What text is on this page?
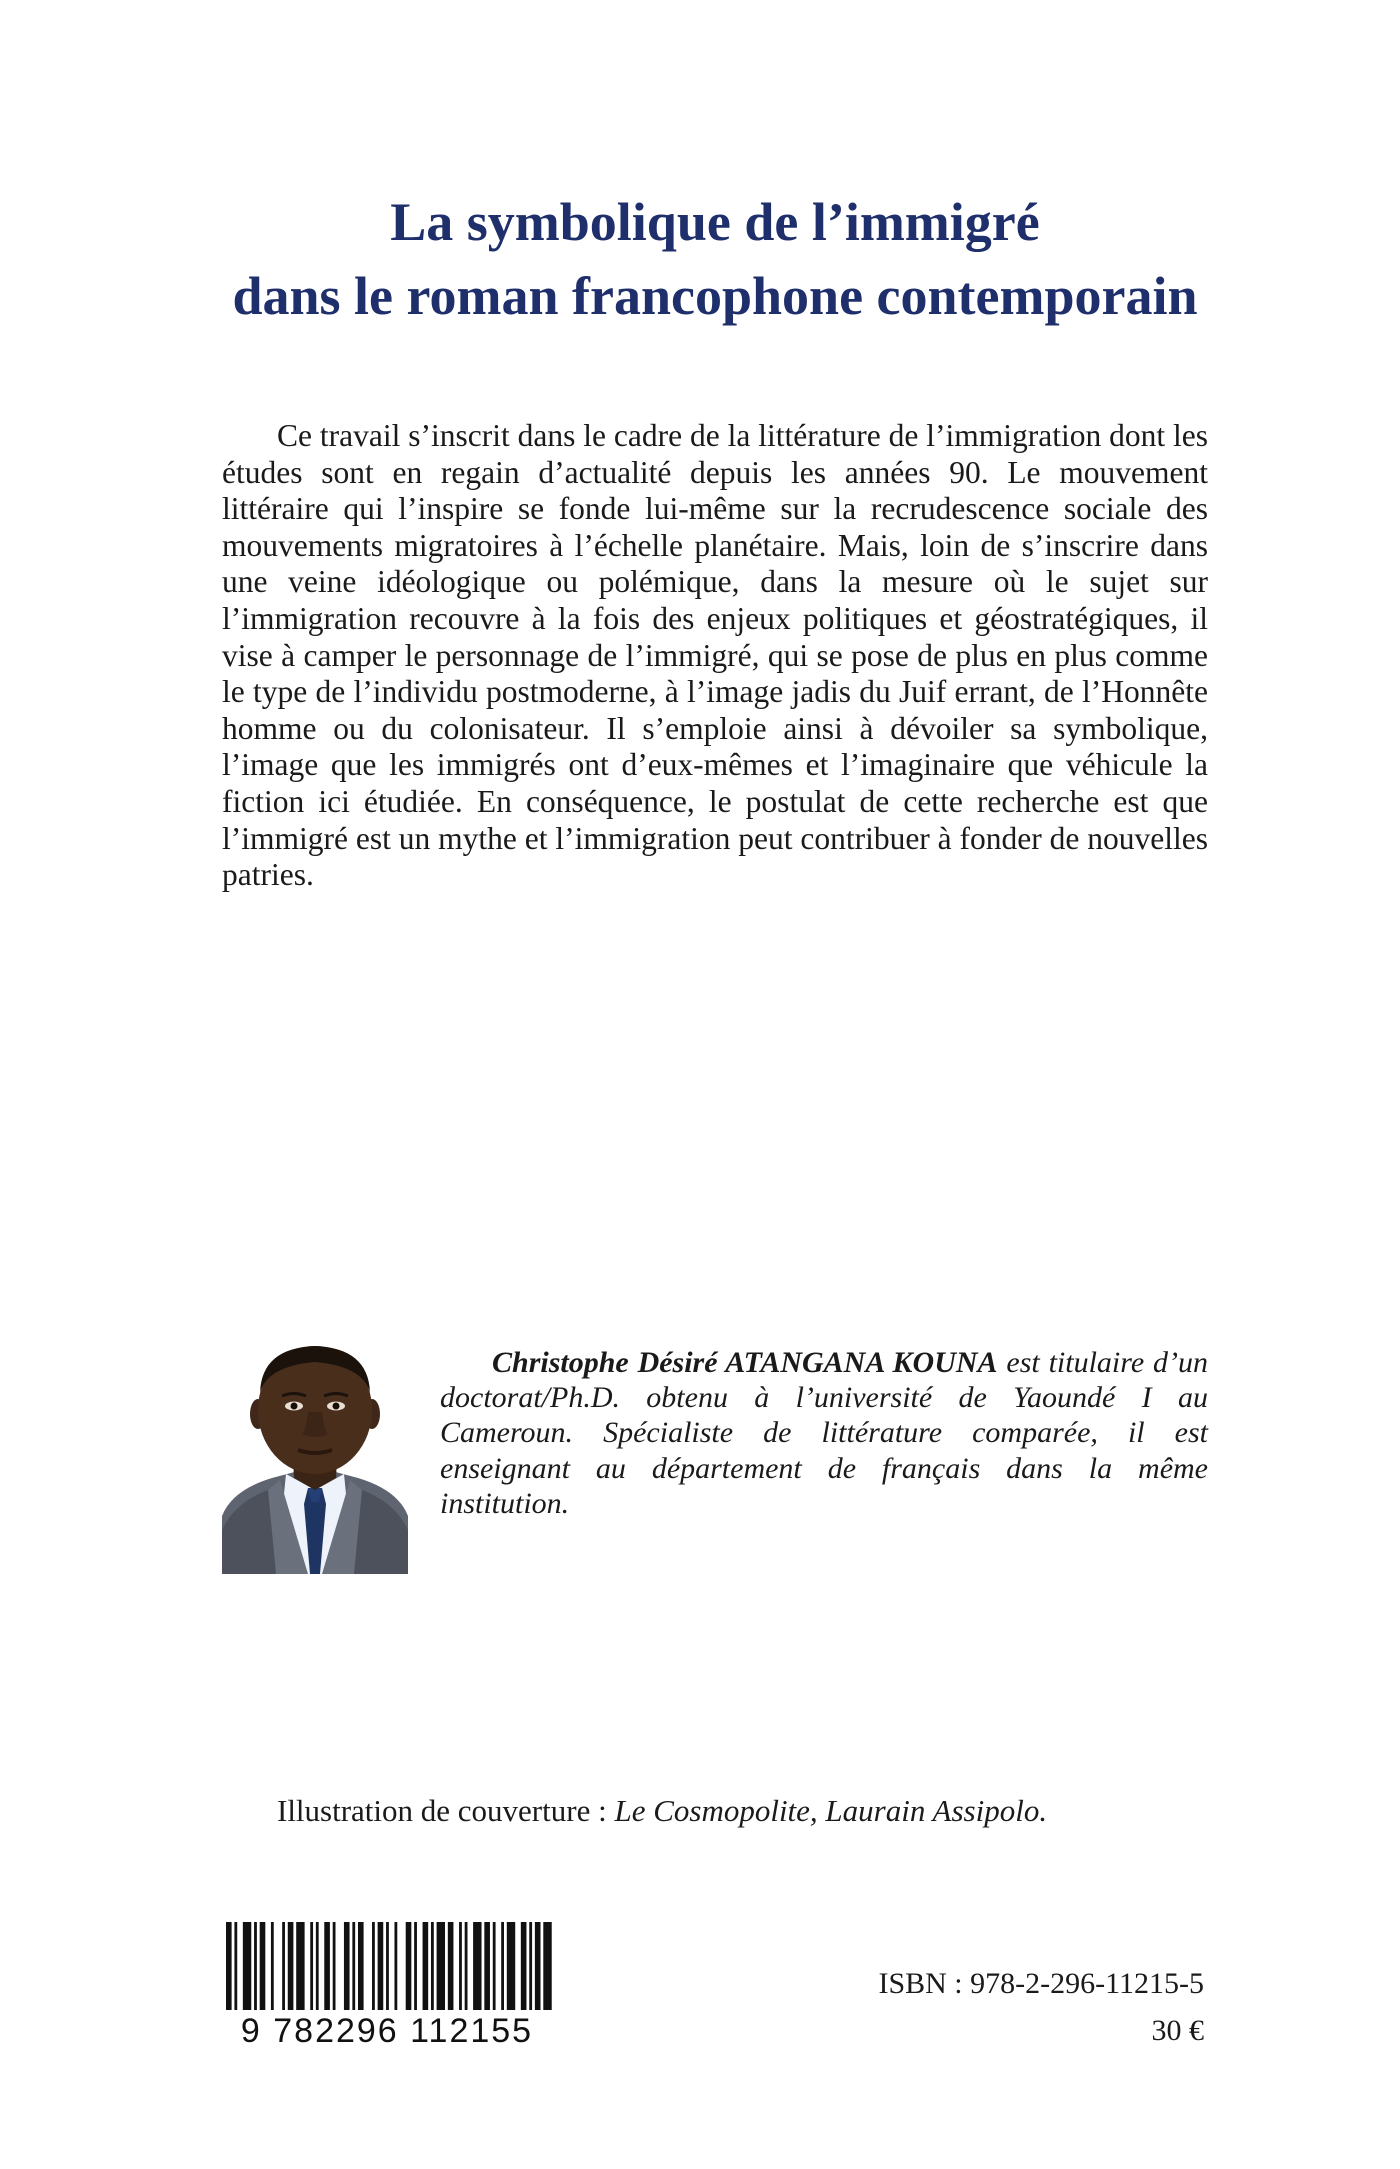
La symbolique de l’immigré
dans le roman francophone contemporain

Ce travail s’inscrit dans le cadre de la littérature de l’immigration dont les études sont en regain d’actualité depuis les années 90. Le mouvement littéraire qui l’inspire se fonde lui-même sur la recrudescence sociale des mouvements migratoires à l’échelle planétaire. Mais, loin de s’inscrire dans une veine idéologique ou polémique, dans la mesure où le sujet sur l’immigration recouvre à la fois des enjeux politiques et géostratégiques, il vise à camper le personnage de l’immigré, qui se pose de plus en plus comme le type de l’individu postmoderne, à l’image jadis du Juif errant, de l’Honnête homme ou du colonisateur. Il s’emploie ainsi à dévoiler sa symbolique, l’image que les immigrés ont d’eux-mêmes et l’imaginaire que véhicule la fiction ici étudiée. En conséquence, le postulat de cette recherche est que l’immigré est un mythe et l’immigration peut contribuer à fonder de nouvelles patries.

Christophe Désiré ATANGANA KOUNA est titulaire d’un doctorat/Ph.D. obtenu à l’université de Yaoundé I au Cameroun. Spécialiste de littérature comparée, il est enseignant au département de français dans la même institution.

Illustration de couverture : Le Cosmopolite, Laurain Assipolo.
9 782296 112155
ISBN : 978-2-296-11215-5
30 €
